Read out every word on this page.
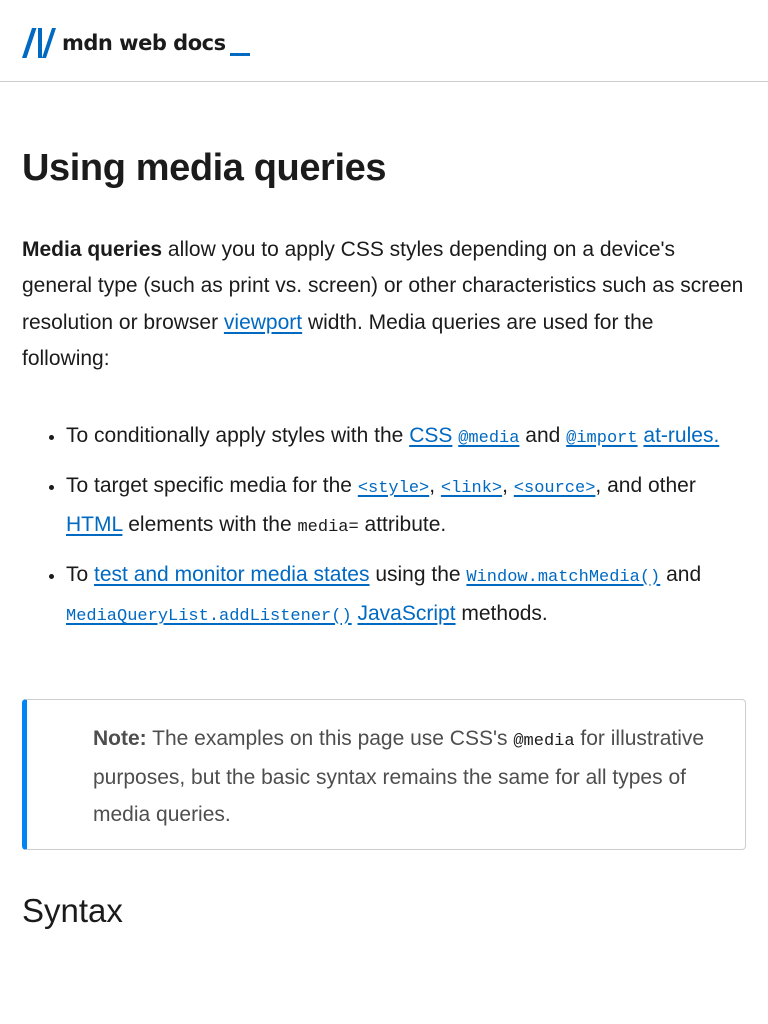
mdn web docs
Using media queries

Media queries allow you to apply CSS styles depending on a device's general type (such as print vs. screen) or other characteristics such as screen resolution or browser viewport width. Media queries are used for the following:

• To conditionally apply styles with the CSS @media and @import at-rules.
• To target specific media for the <style>, <link>, <source>, and other HTML elements with the media= attribute.
• To test and monitor media states using the Window.matchMedia() and MediaQueryList.addListener() JavaScript methods.

Note: The examples on this page use CSS's @media for illustrative purposes, but the basic syntax remains the same for all types of media queries.

Syntax
